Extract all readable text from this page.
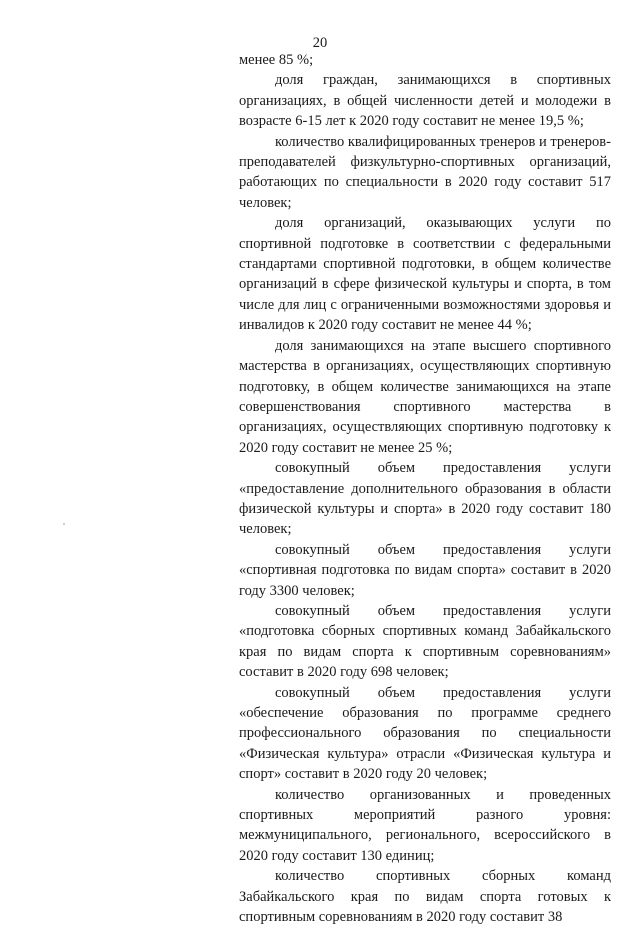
20

менее 85 %;

доля граждан, занимающихся в спортивных организациях, в общей численности детей и молодежи в возрасте 6-15 лет к 2020 году составит не менее 19,5 %;

количество квалифицированных тренеров и тренеров-преподавателей физкультурно-спортивных организаций, работающих по специальности в 2020 году составит 517 человек;

доля организаций, оказывающих услуги по спортивной подготовке в соответствии с федеральными стандартами спортивной подготовки, в общем количестве организаций в сфере физической культуры и спорта, в том числе для лиц с ограниченными возможностями здоровья и инвалидов к 2020 году составит не менее 44 %;

доля занимающихся на этапе высшего спортивного мастерства в организациях, осуществляющих спортивную подготовку, в общем количестве занимающихся на этапе совершенствования спортивного мастерства в организациях, осуществляющих спортивную подготовку к 2020 году составит не менее 25 %;

совокупный объем предоставления услуги «предоставление дополнительного образования в области физической культуры и спорта» в 2020 году составит 180 человек;

совокупный объем предоставления услуги «спортивная подготовка по видам спорта» составит в 2020 году 3300 человек;

совокупный объем предоставления услуги «подготовка сборных спортивных команд Забайкальского края по видам спорта к спортивным соревнованиям» составит в 2020 году 698 человек;

совокупный объем предоставления услуги «обеспечение образования по программе среднего профессионального образования по специальности «Физическая культура» отрасли «Физическая культура и спорт» составит в 2020 году 20 человек;

количество организованных и проведенных спортивных мероприятий разного уровня: межмуниципального, регионального, всероссийского в 2020 году составит 130 единиц;

количество спортивных сборных команд Забайкальского края по видам спорта готовых к спортивным соревнованиям в 2020 году составит 38
